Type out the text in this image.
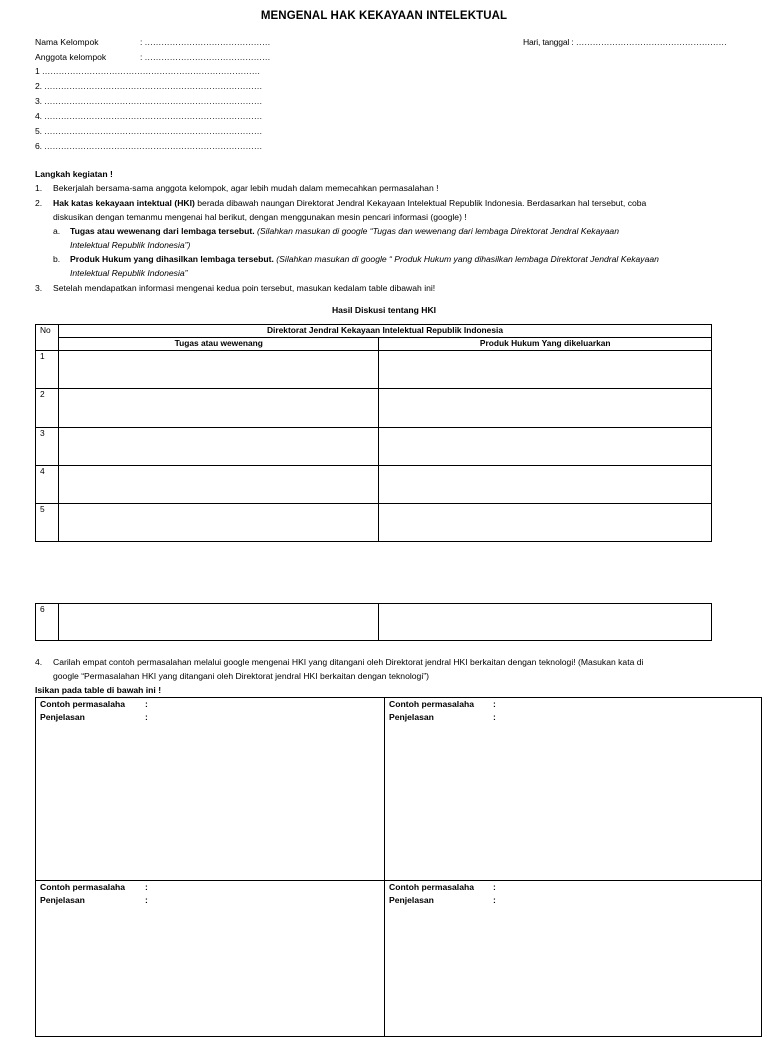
MENGENAL HAK KEKAYAAN INTELEKTUAL
Nama Kelompok	: ………………………………………	Hari, tanggal : ………………………………………………
Anggota kelompok	: ………………………………………
1 ……………………………………………………………………
2. ……………………………………………………………………
3. ……………………………………………………………………
4. ……………………………………………………………………
5. ……………………………………………………………………
6. ……………………………………………………………………
Langkah kegiatan !
1. Bekerjalah bersama-sama anggota kelompok, agar lebih mudah dalam memecahkan permasalahan !
2. Hak katas kekayaan intektual (HKI) berada dibawah naungan Direktorat Jendral Kekayaan Intelektual Republik Indonesia. Berdasarkan hal tersebut, coba
diskusikan dengan temanmu mengenai hal berikut, dengan menggunakan mesin pencari informasi (google) !
a. Tugas atau wewenang dari lembaga tersebut. (Silahkan masukan di google “Tugas dan wewenang dari lembaga Direktorat Jendral Kekayaan
Intelektual Republik Indonesia”)
b. Produk Hukum yang dihasilkan lembaga tersebut. (Silahkan masukan di google “ Produk Hukum yang dihasilkan lembaga Direktorat Jendral Kekayaan
Intelektual Republik Indonesia”
3. Setelah mendapatkan informasi mengenai kedua poin tersebut, masukan kedalam table dibawah ini!
Hasil Diskusi tentang HKI
No	Direktorat Jendral Kekayaan Intelektual Republik Indonesia	
	Tugas atau wewenang	Produk Hukum Yang dikeluarkan
1		
2		
3		
4		
5		
6		
4. Carilah empat contoh permasalahan melalui google mengenai HKI yang ditangani oleh Direktorat jendral HKI berkaitan dengan teknologi! (Masukan kata di
google “Permasalahan HKI yang ditangani oleh Direktorat jendral HKI berkaitan dengan teknologi”)
Isikan pada table di bawah ini !
Contoh permasalaha :
Penjelasan	:
Contoh permasalaha :
Penjelasan	:
Contoh permasalaha :
Penjelasan	:
Contoh permasalaha :
Penjelasan	:
